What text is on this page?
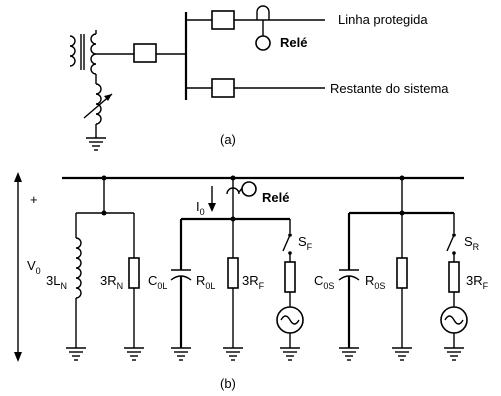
Relé
Linha protegida
Restante do sistema
(a)
+
$V_0$
$3L_N$	$3R_N$
Relé
$I_0$
$C_{0L}$ $R_{0L}$
$S_F$
$3R_F$	$C_{0S}$ $R_{0S}$
$S_R$
$3R_F$
(b)
